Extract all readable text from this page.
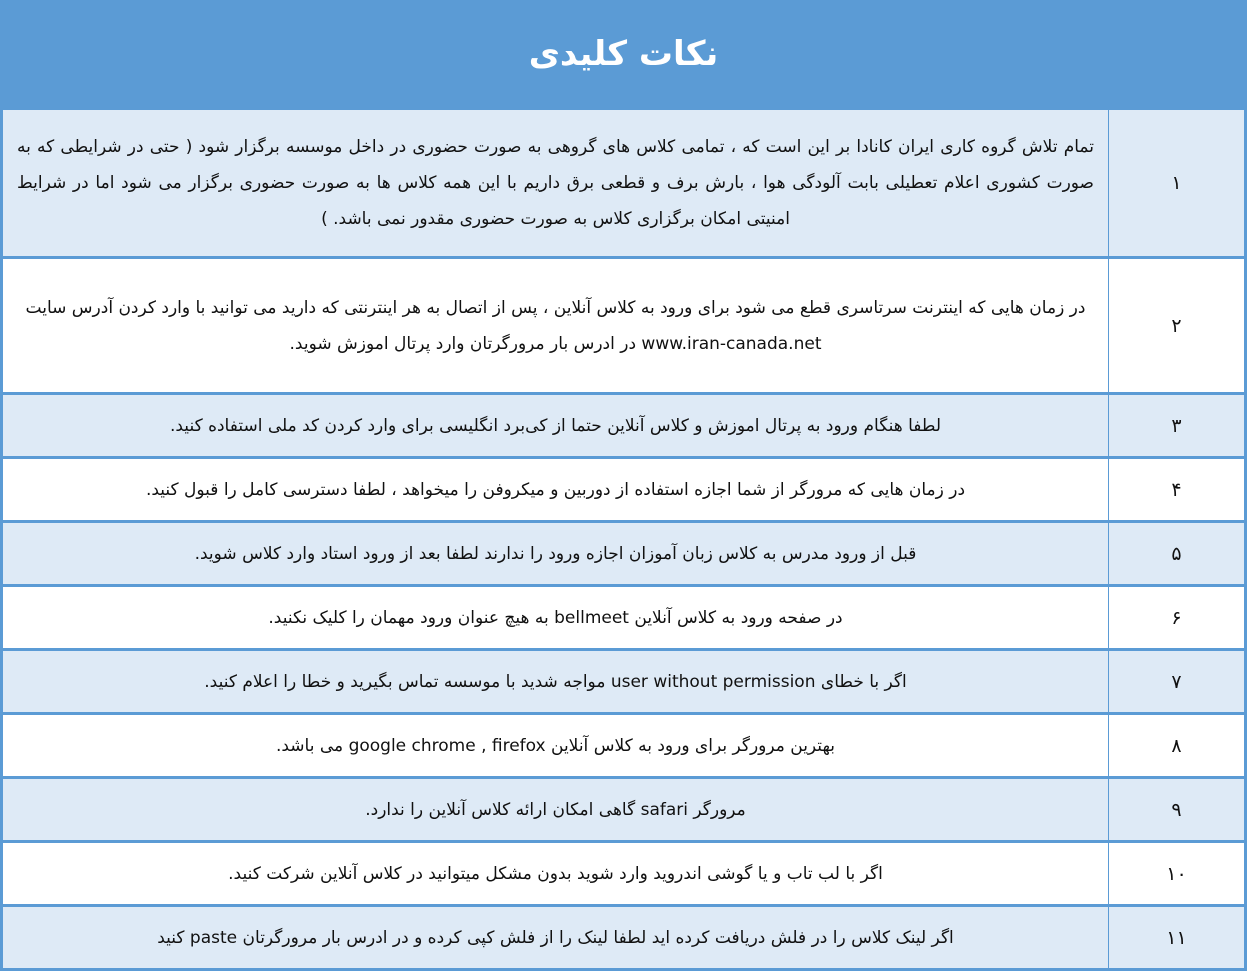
نکات کلیدی
۱	تمام تلاش گروه کاری ایران کانادا بر این است که ، تمامی کلاس های گروهی به صورت حضوری در داخل موسسه برگزار شود ( حتی در شرایطی که به صورت کشوری اعلام تعطیلی بابت آلودگی هوا ، بارش برف و قطعی برق داریم با این همه کلاس ها به صورت حضوری برگزار می شود اما در شرایط امنیتی امکان برگزاری کلاس به صورت حضوری مقدور نمی باشد. )
۲	در زمان هایی که اینترنت سرتاسری قطع می شود برای ورود به کلاس آنلاین ، پس از اتصال به هر اینترنتی که دارید می توانید با وارد کردن آدرس سایت www.iran-canada.net در ادرس بار مرورگرتان وارد پرتال اموزش شوید.
۳	لطفا هنگام ورود به پرتال اموزش و کلاس آنلاین حتما از کی‌برد انگلیسی برای وارد کردن کد ملی استفاده کنید.
۴	در زمان هایی که مرورگر از شما اجازه استفاده از دوربین و میکروفن را میخواهد ، لطفا دسترسی کامل را قبول کنید.
۵	قبل از ورود مدرس به کلاس زبان آموزان اجازه ورود را ندارند لطفا بعد از ورود استاد وارد کلاس شوید.
۶	در صفحه ورود به کلاس آنلاین bellmeet به هیچ عنوان ورود مهمان را کلیک نکنید.
۷	اگر با خطای user without permission مواجه شدید با موسسه تماس بگیرید و خطا را اعلام کنید.
۸	بهترین مرورگر برای ورود به کلاس آنلاین google chrome , firefox می باشد.
۹	مرورگر safari گاهی امکان ارائه کلاس آنلاین را ندارد.
۱۰	اگر با لب تاب و یا گوشی اندروید وارد شوید بدون مشکل میتوانید در کلاس آنلاین شرکت کنید.
۱۱	اگر لینک کلاس را در فلش دریافت کرده اید لطفا لینک را از فلش کپی کرده و در ادرس بار مرورگرتان paste کنید
